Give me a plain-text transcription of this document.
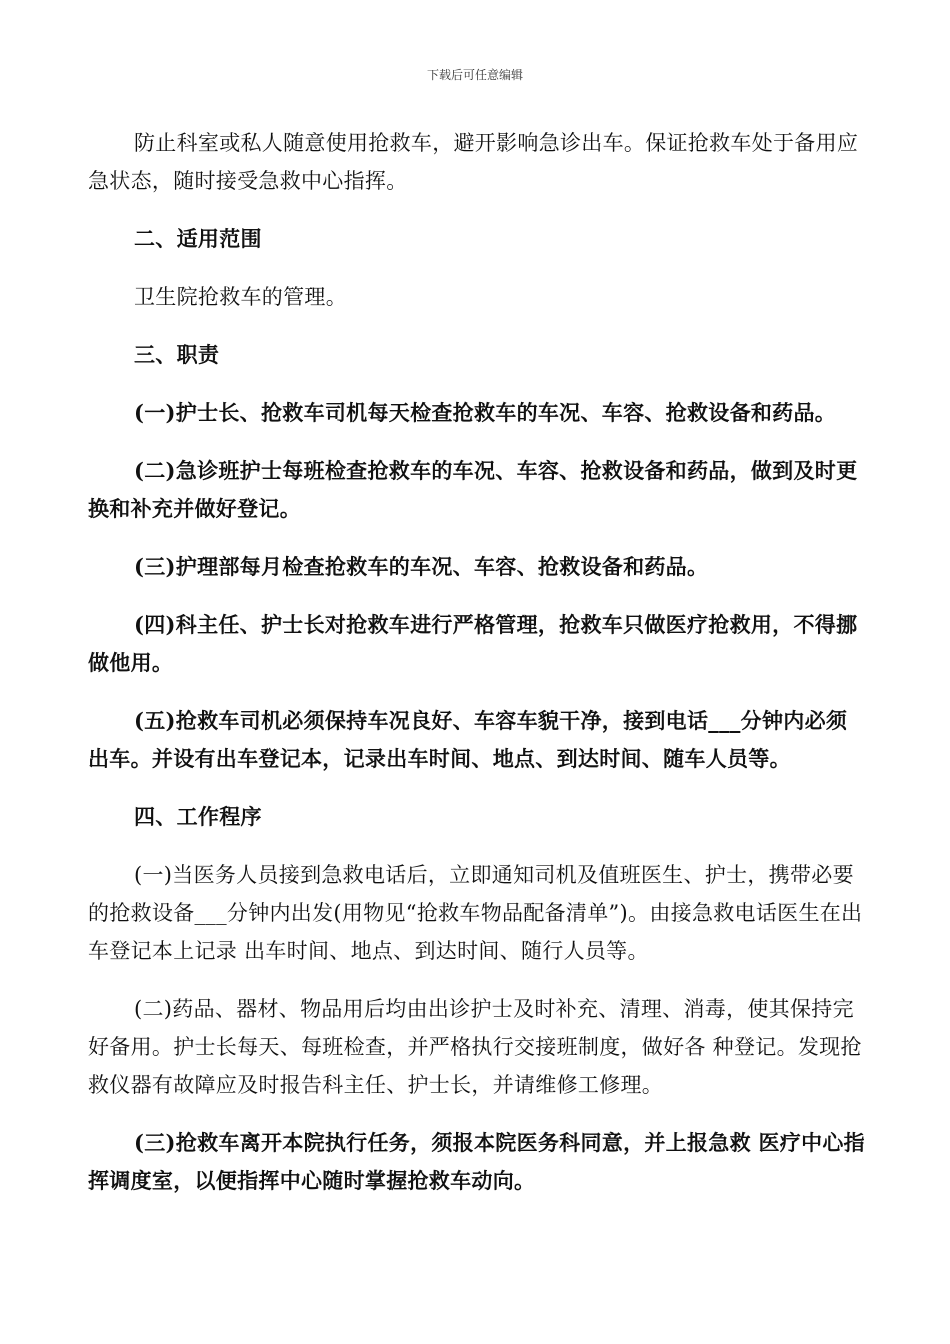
下载后可任意编辑

防止科室或私人随意使用抢救车，避开影响急诊出车。保证抢救车处于备用应急状态，随时接受急救中心指挥。

二、适用范围

卫生院抢救车的管理。

三、职责

(一)护士长、抢救车司机每天检查抢救车的车况、车容、抢救设备和药品。

(二)急诊班护士每班检查抢救车的车况、车容、抢救设备和药品，做到及时更换和补充并做好登记。

(三)护理部每月检查抢救车的车况、车容、抢救设备和药品。

(四)科主任、护士长对抢救车进行严格管理，抢救车只做医疗抢救用，不得挪做他用。

(五)抢救车司机必须保持车况良好、车容车貌干净，接到电话___分钟内必须出车。并设有出车登记本，记录出车时间、地点、到达时间、随车人员等。

四、工作程序

(一)当医务人员接到急救电话后，立即通知司机及值班医生、护士，携带必要的抢救设备___分钟内出发(用物见“抢救车物品配备清单”)。由接急救电话医生在出车登记本上记录 出车时间、地点、到达时间、随行人员等。

(二)药品、器材、物品用后均由出诊护士及时补充、清理、消毒，使其保持完好备用。护士长每天、每班检查，并严格执行交接班制度，做好各 种登记。发现抢救仪器有故障应及时报告科主任、护士长，并请维修工修理。

(三)抢救车离开本院执行任务，须报本院医务科同意，并上报急救 医疗中心指挥调度室，以便指挥中心随时掌握抢救车动向。
